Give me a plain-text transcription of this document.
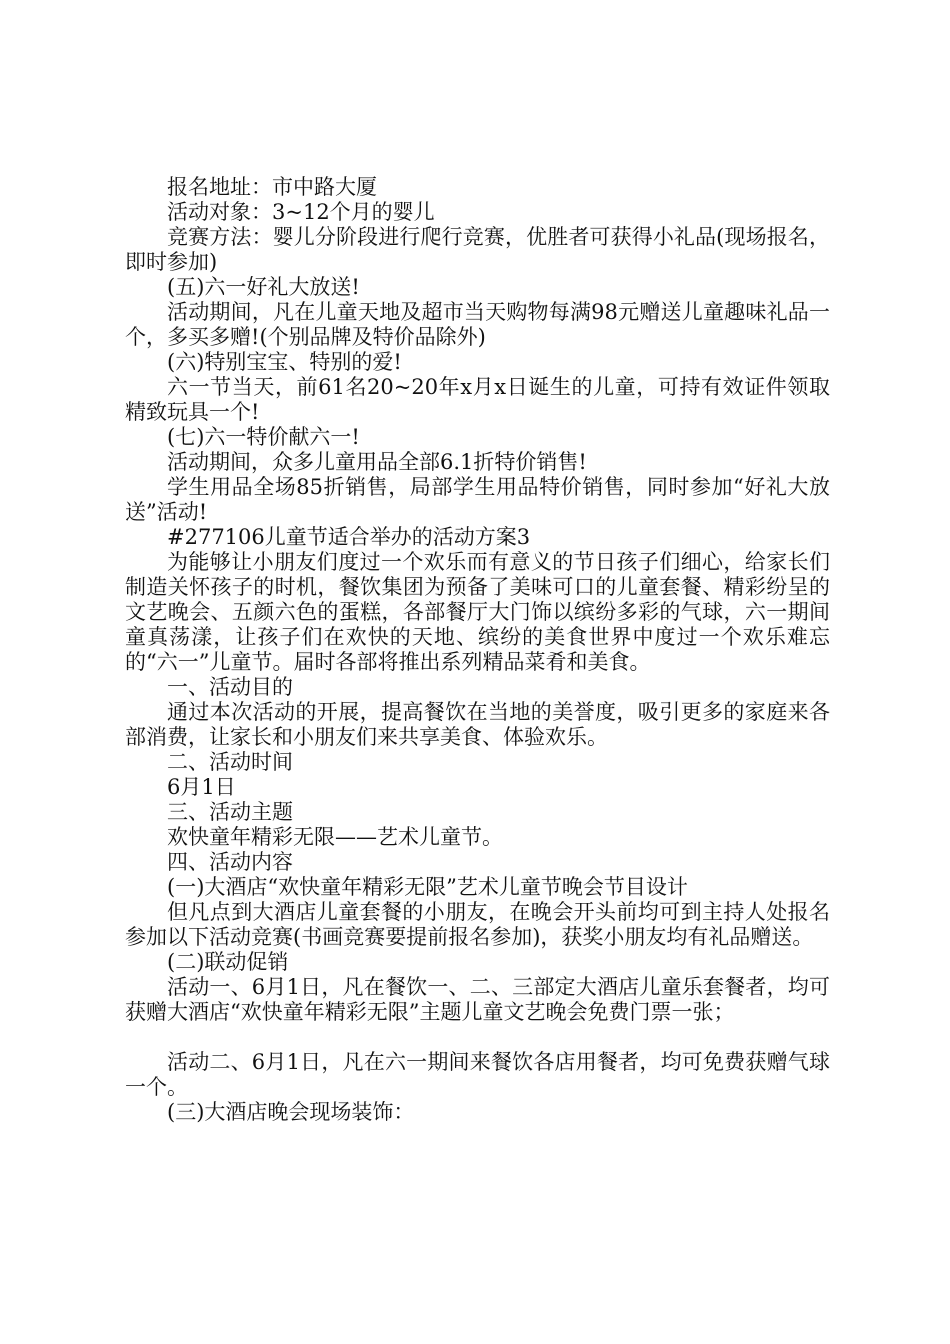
报名地址：市中路大厦

活动对象：3~12个月的婴儿

竞赛方法：婴儿分阶段进行爬行竞赛，优胜者可获得小礼品(现场报名，即时参加)

(五)六一好礼大放送!

活动期间，凡在儿童天地及超市当天购物每满98元赠送儿童趣味礼品一个，多买多赠!(个别品牌及特价品除外)

(六)特别宝宝、特别的爱!

六一节当天，前61名20~20年x月x日诞生的儿童，可持有效证件领取精致玩具一个!

(七)六一特价献六一!

活动期间，众多儿童用品全部6.1折特价销售!

学生用品全场85折销售，局部学生用品特价销售，同时参加“好礼大放送”活动!

#277106儿童节适合举办的活动方案3

为能够让小朋友们度过一个欢乐而有意义的节日孩子们细心，给家长们制造关怀孩子的时机，餐饮集团为预备了美味可口的儿童套餐、精彩纷呈的文艺晚会、五颜六色的蛋糕，各部餐厅大门饰以缤纷多彩的气球，六一期间童真荡漾，让孩子们在欢快的天地、缤纷的美食世界中度过一个欢乐难忘的“六一”儿童节。届时各部将推出系列精品菜肴和美食。

一、活动目的

通过本次活动的开展，提高餐饮在当地的美誉度，吸引更多的家庭来各部消费，让家长和小朋友们来共享美食、体验欢乐。

二、活动时间

6月1日

三、活动主题

欢快童年精彩无限——艺术儿童节。

四、活动内容

(一)大酒店“欢快童年精彩无限”艺术儿童节晚会节目设计

但凡点到大酒店儿童套餐的小朋友，在晚会开头前均可到主持人处报名参加以下活动竞赛(书画竞赛要提前报名参加)，获奖小朋友均有礼品赠送。

(二)联动促销

活动一、6月1日，凡在餐饮一、二、三部定大酒店儿童乐套餐者，均可获赠大酒店“欢快童年精彩无限”主题儿童文艺晚会免费门票一张；

活动二、6月1日，凡在六一期间来餐饮各店用餐者，均可免费获赠气球一个。

(三)大酒店晚会现场装饰：
